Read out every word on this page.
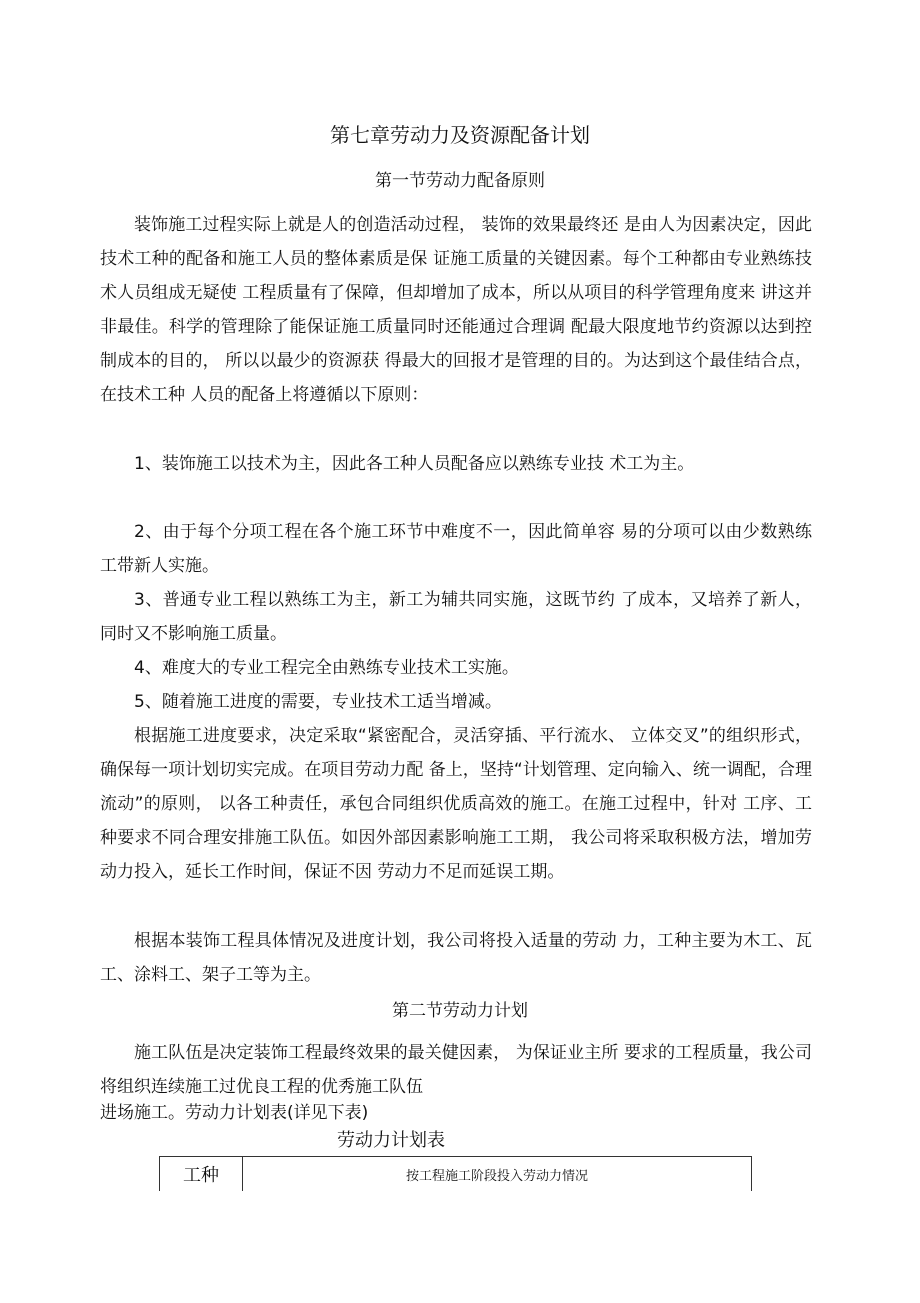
第七章劳动力及资源配备计划
第一节劳动力配备原则

装饰施工过程实际上就是人的创造活动过程， 装饰的效果最终还 是由人为因素决定，因此技术工种的配备和施工人员的整体素质是保 证施工质量的关键因素。每个工种都由专业熟练技术人员组成无疑使 工程质量有了保障，但却增加了成本，所以从项目的科学管理角度来 讲这并非最佳。科学的管理除了能保证施工质量同时还能通过合理调 配最大限度地节约资源以达到控制成本的目的， 所以以最少的资源获 得最大的回报才是管理的目的。为达到这个最佳结合点，在技术工种 人员的配备上将遵循以下原则：

1、装饰施工以技术为主，因此各工种人员配备应以熟练专业技 术工为主。

2、由于每个分项工程在各个施工环节中难度不一，因此简单容 易的分项可以由少数熟练工带新人实施。

3、普通专业工程以熟练工为主，新工为辅共同实施，这既节约 了成本，又培养了新人，同时又不影响施工质量。

4、难度大的专业工程完全由熟练专业技术工实施。

5、随着施工进度的需要，专业技术工适当增减。

根据施工进度要求，决定采取“紧密配合，灵活穿插、平行流水、 立体交叉”的组织形式，确保每一项计划切实完成。在项目劳动力配 备上，坚持“计划管理、定向输入、统一调配，合理流动”的原则， 以各工种责任，承包合同组织优质高效的施工。在施工过程中，针对 工序、工种要求不同合理安排施工队伍。如因外部因素影响施工工期， 我公司将采取积极方法，增加劳动力投入，延长工作时间，保证不因 劳动力不足而延误工期。

根据本装饰工程具体情况及进度计划，我公司将投入适量的劳动 力，工种主要为木工、瓦工、涂料工、架子工等为主。

第二节劳动力计划

施工队伍是决定装饰工程最终效果的最关健因素， 为保证业主所 要求的工程质量，我公司将组织连续施工过优良工程的优秀施工队伍

进场施工。劳动力计划表(详见下表)

劳动力计划表
工种	按工程施工阶段投入劳动力情况
